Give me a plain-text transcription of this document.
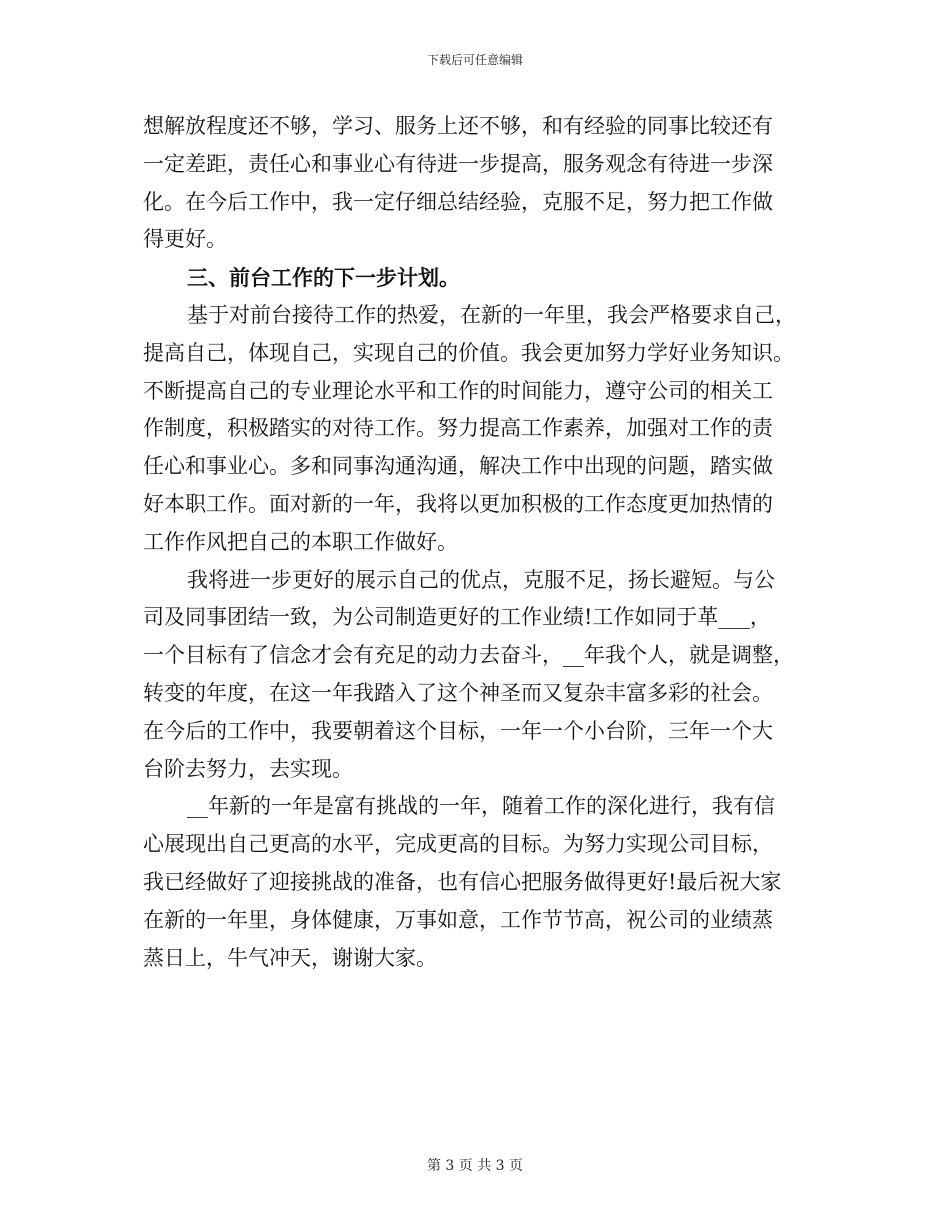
下载后可任意编辑
想解放程度还不够，学习、服务上还不够，和有经验的同事比较还有
一定差距，责任心和事业心有待进一步提高，服务观念有待进一步深
化。在今后工作中，我一定仔细总结经验，克服不足，努力把工作做
得更好。
三、前台工作的下一步计划。
基于对前台接待工作的热爱，在新的一年里，我会严格要求自己，
提高自己，体现自己，实现自己的价值。我会更加努力学好业务知识。
不断提高自己的专业理论水平和工作的时间能力，遵守公司的相关工
作制度，积极踏实的对待工作。努力提高工作素养，加强对工作的责
任心和事业心。多和同事沟通沟通，解决工作中出现的问题，踏实做
好本职工作。面对新的一年，我将以更加积极的工作态度更加热情的
工作作风把自己的本职工作做好。
我将进一步更好的展示自己的优点，克服不足，扬长避短。与公
司及同事团结一致，为公司制造更好的工作业绩!工作如同于革___，
一个目标有了信念才会有充足的动力去奋斗，__年我个人，就是调整，
转变的年度，在这一年我踏入了这个神圣而又复杂丰富多彩的社会。
在今后的工作中，我要朝着这个目标，一年一个小台阶，三年一个大
台阶去努力，去实现。
__年新的一年是富有挑战的一年，随着工作的深化进行，我有信
心展现出自己更高的水平，完成更高的目标。为努力实现公司目标，
我已经做好了迎接挑战的准备，也有信心把服务做得更好!最后祝大家
在新的一年里，身体健康，万事如意，工作节节高，祝公司的业绩蒸
蒸日上，牛气冲天，谢谢大家。
第 3 页 共 3 页
